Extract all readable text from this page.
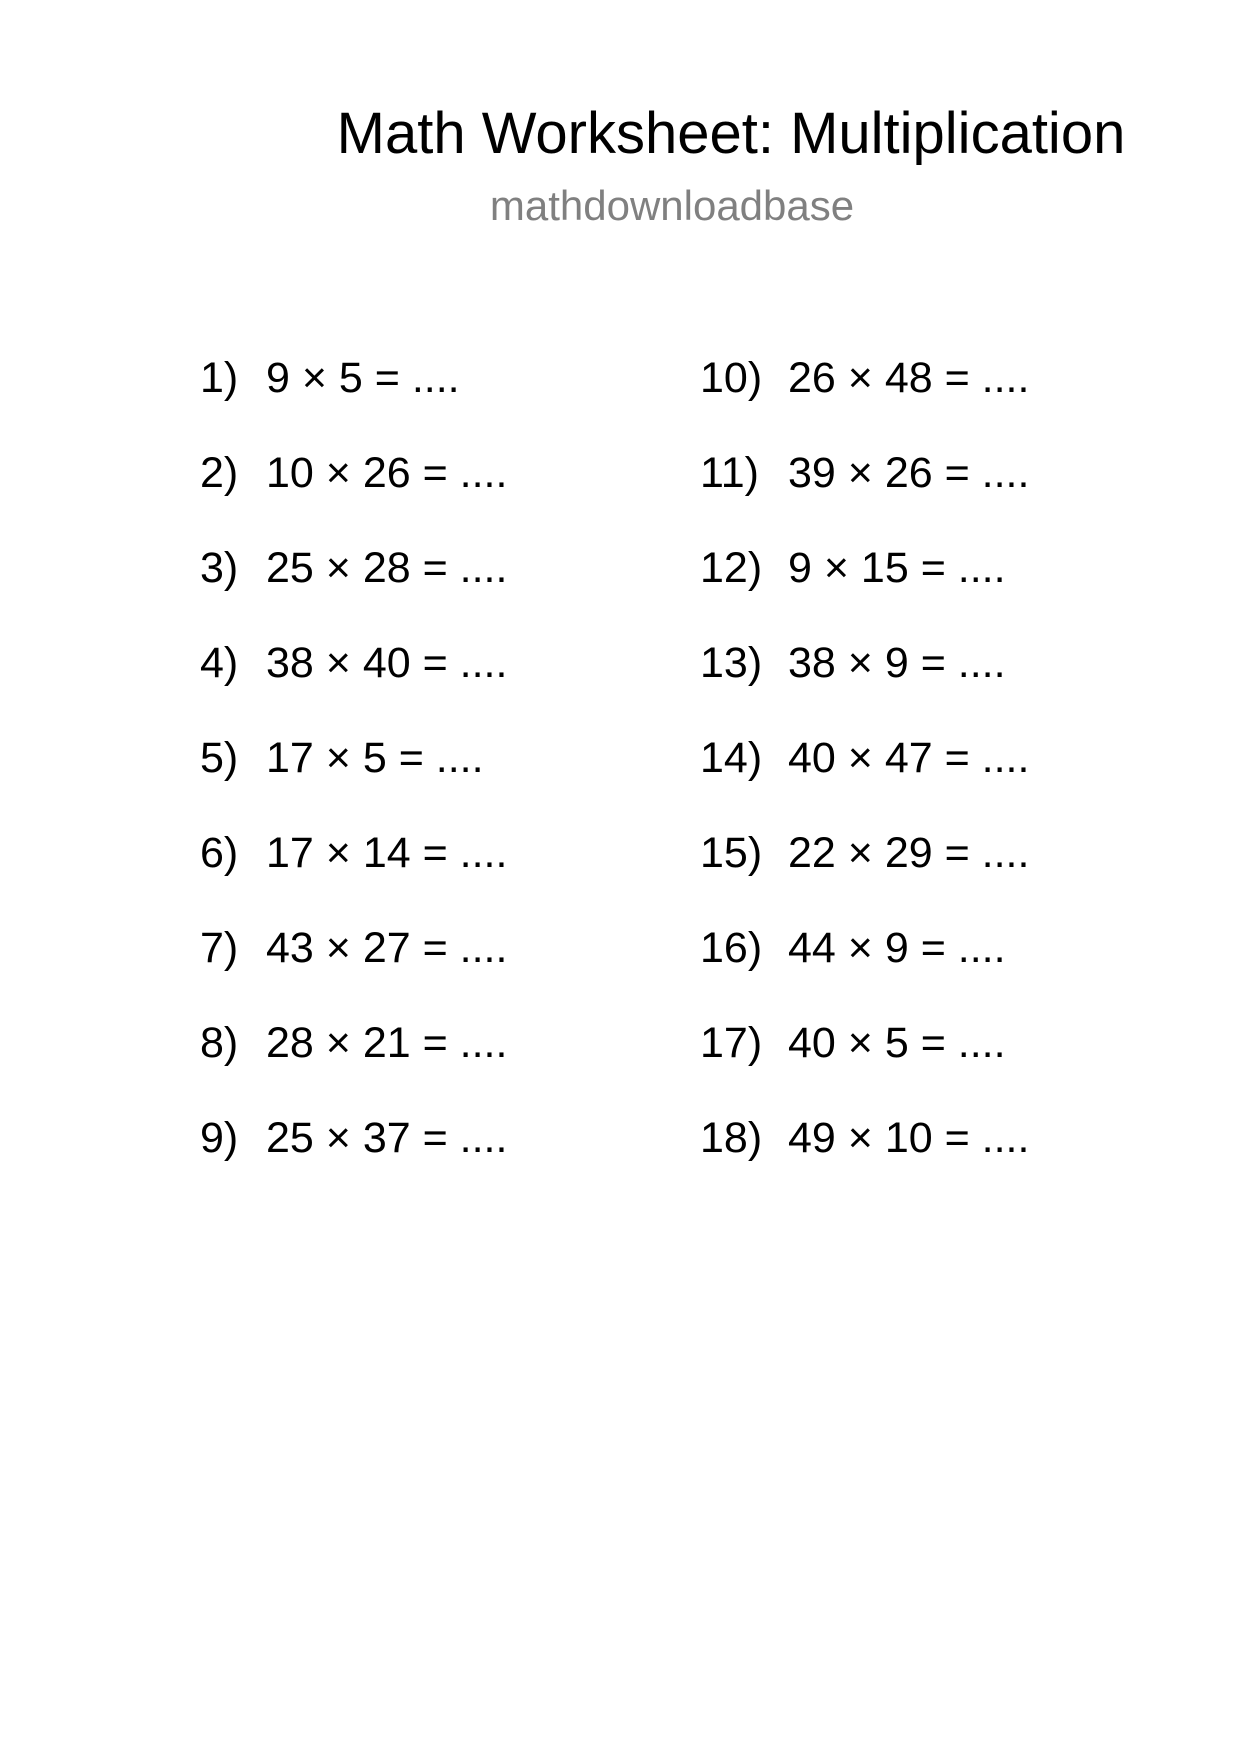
Math Worksheet: Multiplication
mathdownloadbase
1) 9 × 5 = ....
2) 10 × 26 = ....
3) 25 × 28 = ....
4) 38 × 40 = ....
5) 17 × 5 = ....
6) 17 × 14 = ....
7) 43 × 27 = ....
8) 28 × 21 = ....
9) 25 × 37 = ....
10) 26 × 48 = ....
11) 39 × 26 = ....
12) 9 × 15 = ....
13) 38 × 9 = ....
14) 40 × 47 = ....
15) 22 × 29 = ....
16) 44 × 9 = ....
17) 40 × 5 = ....
18) 49 × 10 = ....
